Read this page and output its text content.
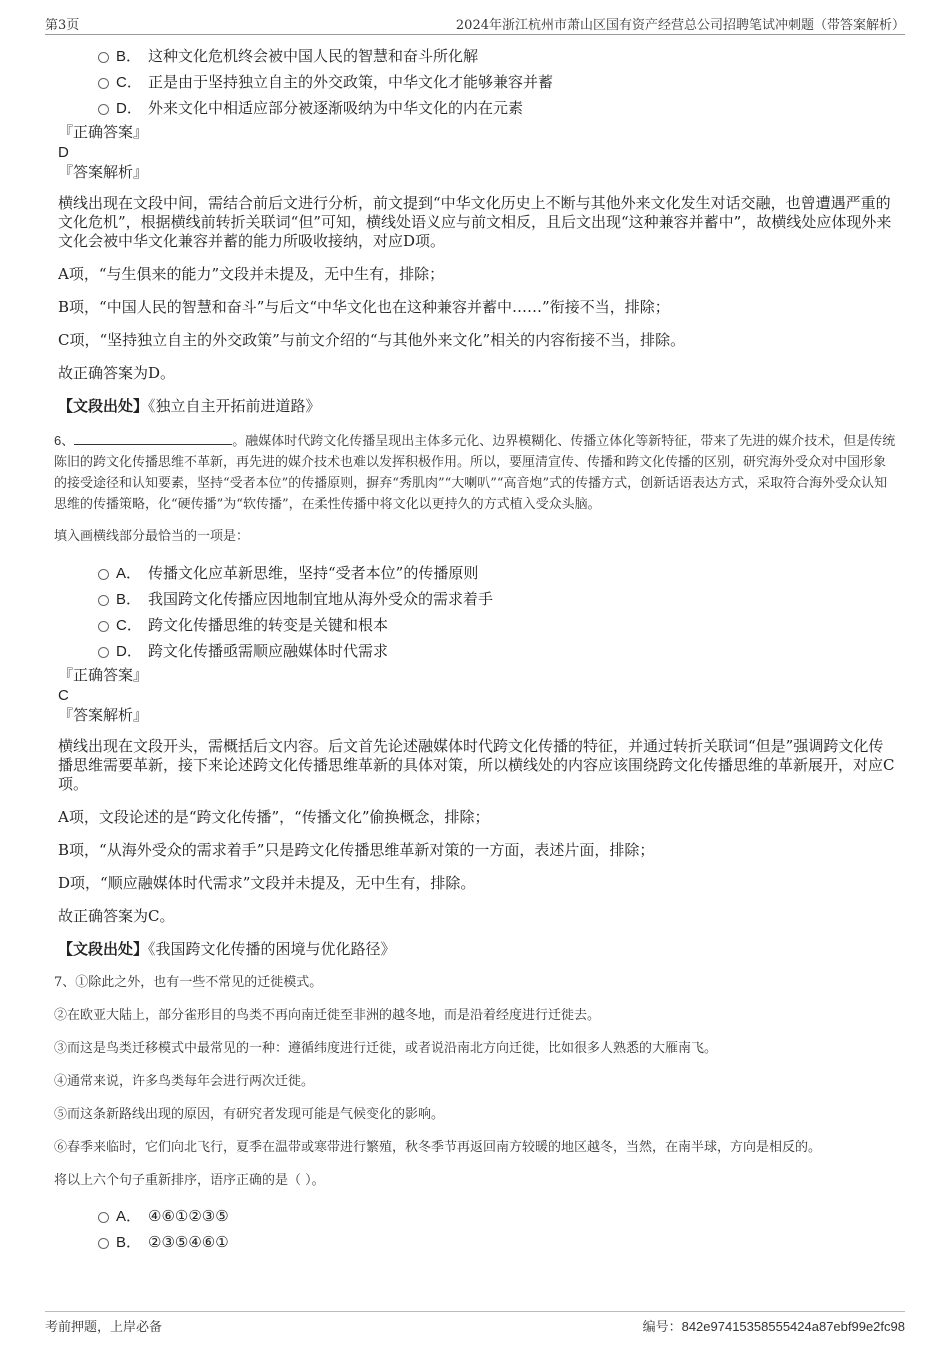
第3页	2024年浙江杭州市萧山区国有资产经营总公司招聘笔试冲刺题（带答案解析）
B． 这种文化危机终会被中国人民的智慧和奋斗所化解
C． 正是由于坚持独立自主的外交政策，中华文化才能够兼容并蓄
D． 外来文化中相适应部分被逐渐吸纳为中华文化的内在元素

『正确答案』

D

『答案解析』

横线出现在文段中间，需结合前后文进行分析，前文提到“中华文化历史上不断与其他外来文化发生对话交融，也曾遭遇严重的文化危机”，根据横线前转折关联词“但”可知，横线处语义应与前文相反，且后文出现“这种兼容并蓄中”，故横线处应体现外来文化会被中华文化兼容并蓄的能力所吸收接纳，对应D项。

A项，“与生俱来的能力”文段并未提及，无中生有，排除；

B项，“中国人民的智慧和奋斗”与后文“中华文化也在这种兼容并蓄中……”衔接不当，排除；

C项，“坚持独立自主的外交政策”与前文介绍的“与其他外来文化”相关的内容衔接不当，排除。

故正确答案为D。

【文段出处】《独立自主开拓前进道路》

6、	。融媒体时代跨文化传播呈现出主体多元化、边界模糊化、传播立体化等新特征，带来了先进的媒介技术，但是传统陈旧的跨文化传播思维不革新，再先进的媒介技术也难以发挥积极作用。所以，要厘清宣传、传播和跨文化传播的区别，研究海外受众对中国形象的接受途径和认知要素，坚持“受者本位”的传播原则，摒弃“秀肌肉”“大喇叭”“高音炮”式的传播方式，创新话语表达方式，采取符合海外受众认知思维的传播策略，化“硬传播”为“软传播”，在柔性传播中将文化以更持久的方式植入受众头脑。

填入画横线部分最恰当的一项是：

A． 传播文化应革新思维，坚持“受者本位”的传播原则
B． 我国跨文化传播应因地制宜地从海外受众的需求着手
C． 跨文化传播思维的转变是关键和根本
D． 跨文化传播亟需顺应融媒体时代需求

『正确答案』

C

『答案解析』

横线出现在文段开头，需概括后文内容。后文首先论述融媒体时代跨文化传播的特征，并通过转折关联词“但是”强调跨文化传播思维需要革新，接下来论述跨文化传播思维革新的具体对策，所以横线处的内容应该围绕跨文化传播思维的革新展开，对应C项。

A项，文段论述的是“跨文化传播”，“传播文化”偷换概念，排除；

B项，“从海外受众的需求着手”只是跨文化传播思维革新对策的一方面，表述片面，排除；

D项，“顺应融媒体时代需求”文段并未提及，无中生有，排除。

故正确答案为C。

【文段出处】《我国跨文化传播的困境与优化路径》

7、①除此之外，也有一些不常见的迁徙模式。

②在欧亚大陆上，部分雀形目的鸟类不再向南迁徙至非洲的越冬地，而是沿着经度进行迁徙去。

③而这是鸟类迁移模式中最常见的一种：遵循纬度进行迁徙，或者说沿南北方向迁徙，比如很多人熟悉的大雁南飞。

④通常来说，许多鸟类每年会进行两次迁徙。

⑤而这条新路线出现的原因，有研究者发现可能是气候变化的影响。

⑥春季来临时，它们向北飞行，夏季在温带或寒带进行繁殖，秋冬季节再返回南方较暖的地区越冬，当然，在南半球，方向是相反的。

将以上六个句子重新排序，语序正确的是（ ）。

A． ④⑥①②③⑤
B． ②③⑤④⑥①
考前押题，上岸必备	编号：842e97415358555424a87ebf99e2fc98
